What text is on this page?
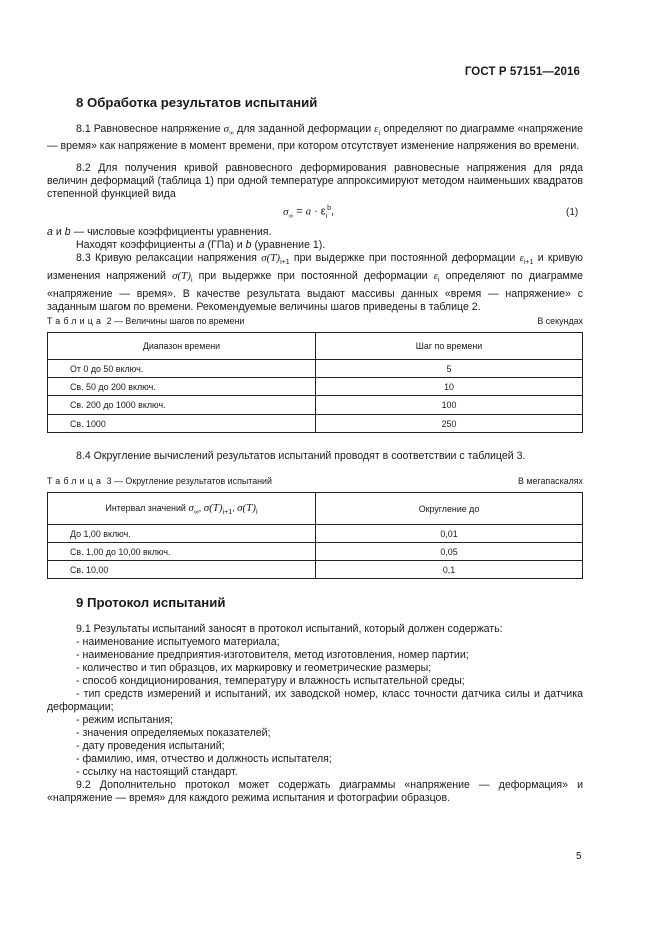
ГОСТ Р 57151—2016
8 Обработка результатов испытаний

8.1 Равновесное напряжение $\sigma_\infty$ для заданной деформации $\varepsilon_i$ определяют по диаграмме «напряжение — время» как напряжение в момент времени, при котором отсутствует изменение напряжения во времени.

8.2 Для получения кривой равновесного деформирования равновесные напряжения для ряда величин деформаций (таблица 1) при одной температуре аппроксимируют методом наименьших квадратов степенной функцией вида

$\sigma_\infty = a \cdot \varepsilon_i^b$,	(1)

a и b — числовые коэффициенты уравнения.

Находят коэффициенты a (ГПа) и b (уравнение 1).

8.3 Кривую релаксации напряжения $\sigma(T)_{i+1}$ при выдержке при постоянной деформации $\varepsilon_{i+1}$ и кривую изменения напряжений $\sigma(T)_i$ при выдержке при постоянной деформации $\varepsilon_i$ определяют по диаграмме «напряжение — время». В качестве результата выдают массивы данных «время — напряжение» с заданным шагом по времени. Рекомендуемые величины шагов приведены в таблице 2.

Таблица 2 — Величины шагов по времени	В секундах
Диапазон времени	Шаг по времени
От 0 до 50 включ.	5
Св. 50 до 200 включ.	10
Св. 200 до 1000 включ.	100
Св. 1000	250

8.4 Округление вычислений результатов испытаний проводят в соответствии с таблицей 3.

Таблица 3 — Округление результатов испытаний	В мегапаскалях
Интервал значений $\sigma_\infty$, $\sigma(T)_{i+1}$, $\sigma(T)_i$	Округление до
До 1,00 включ.	0,01
Св. 1,00 до 10,00 включ.	0,05
Св. 10,00	0,1
9 Протокол испытаний

9.1 Результаты испытаний заносят в протокол испытаний, который должен содержать:

- наименование испытуемого материала;

- наименование предприятия-изготовителя, метод изготовления, номер партии;

- количество и тип образцов, их маркировку и геометрические размеры;

- способ кондиционирования, температуру и влажность испытательной среды;

- тип средств измерений и испытаний, их заводской номер, класс точности датчика силы и датчика деформации;

- режим испытания;

- значения определяемых показателей;

- дату проведения испытаний;

- фамилию, имя, отчество и должность испытателя;

- ссылку на настоящий стандарт.

9.2 Дополнительно протокол может содержать диаграммы «напряжение — деформация» и «напряжение — время» для каждого режима испытания и фотографии образцов.

5
